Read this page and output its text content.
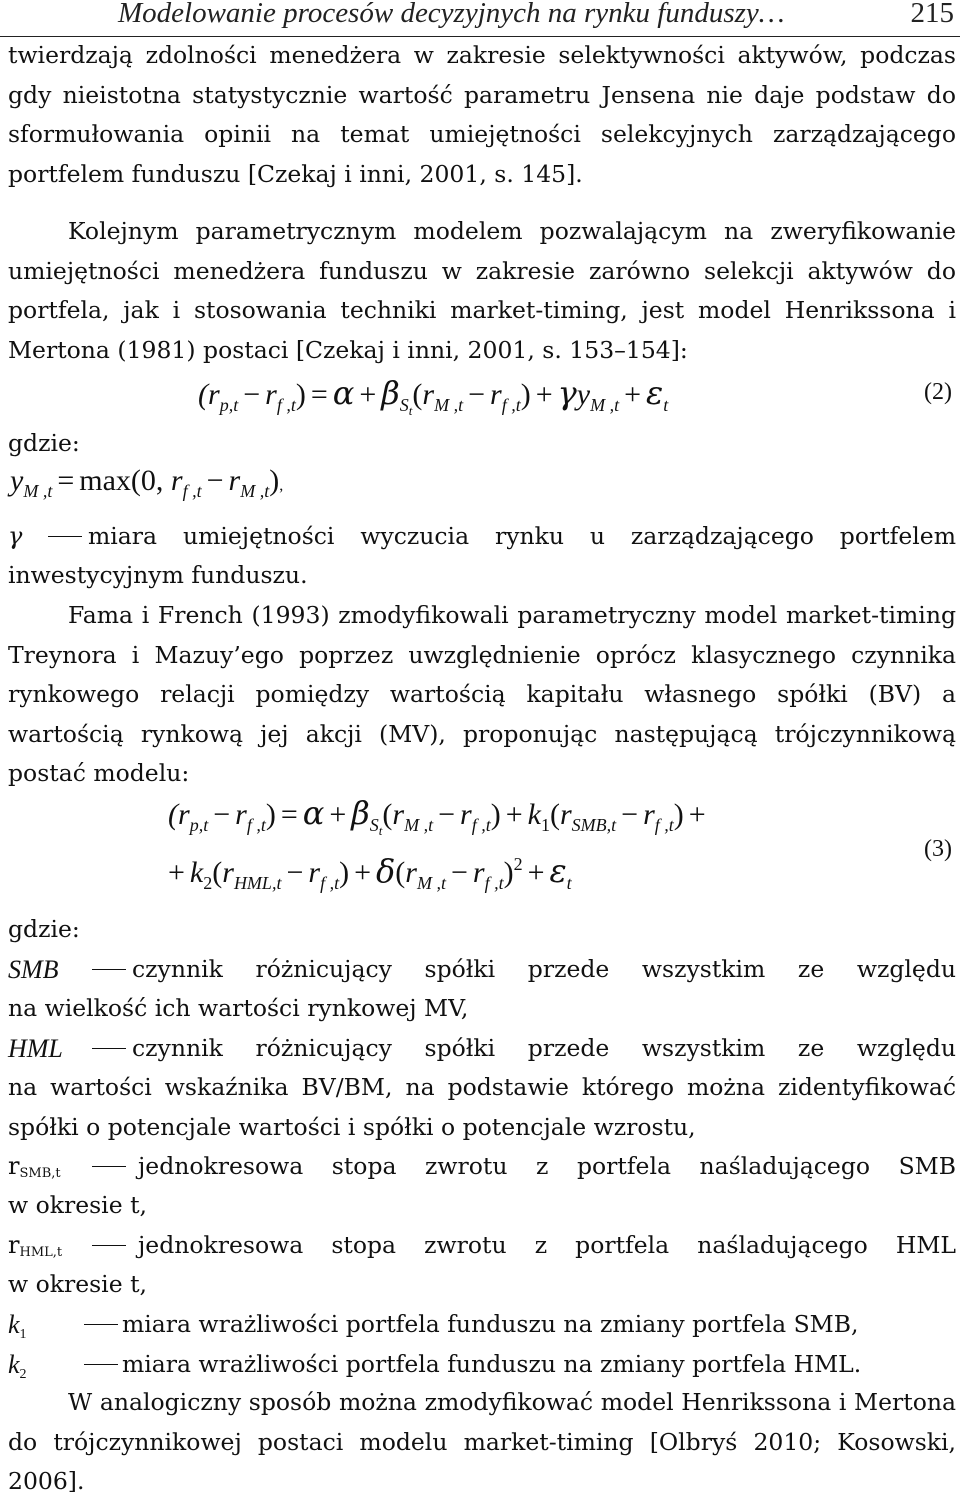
Modelowanie procesów decyzyjnych na rynku funduszy…	215

twierdzają zdolności menedżera w zakresie selektywności aktywów, podczas gdy nieistotna statystycznie wartość parametru Jensena nie daje podstaw do sformułowania opinii na temat umiejętności selekcyjnych zarządzającego portfelem funduszu [Czekaj i inni, 2001, s. 145].

Kolejnym parametrycznym modelem pozwalającym na zweryfikowanie umiejętności menedżera funduszu w zakresie zarówno selekcji aktywów do portfela, jak i stosowania techniki market-timing, jest model Henrikssona i Mertona (1981) postaci [Czekaj i inni, 2001, s. 153–154]:

$(r_{p,t} - r_{f ,t}) = \alpha + \beta_{S_t}(r_{M ,t} - r_{f ,t}) + \gamma y_{M ,t} + \varepsilon_t$	(2)
gdzie:
$y_{M ,t} = \max(0$, $r_{f ,t} - r_{M ,t}$),
γ	miara umiejętności wyczucia rynku u zarządzającego portfelem
inwestycyjnym funduszu.

Fama i French (1993) zmodyfikowali parametryczny model market-timing Treynora i Mazuy’ego poprzez uwzględnienie oprócz klasycznego czynnika rynkowego relacji pomiędzy wartością kapitału własnego spółki (BV) a wartością rynkową jej akcji (MV), proponując następującą trójczynnikową postać modelu:

$(r_{p,t} - r_{f ,t}) = \alpha + \beta_{S_t}(r_{M ,t} - r_{f ,t}) + k_1(r_{SMB,t} - r_{f ,t})$ +
+ $k_2(r_{HML,t} - r_{f ,t}) + \delta(r_{M ,t} - r_{f ,t})^2 + \varepsilon_t$
(3)
gdzie:
SMB	czynnik różnicujący spółki przede wszystkim ze względu
na wielkość ich wartości rynkowej MV,
HML	czynnik różnicujący spółki przede wszystkim ze względu
na wartości wskaźnika BV/BM, na podstawie którego można zidentyfikować spółki o potencjale wartości i spółki o potencjale wzrostu,
$r_{SMB,t}$	jednokresowa stopa zwrotu z portfela naśladującego SMB
w okresie t,
$r_{HML,t}$	jednokresowa stopa zwrotu z portfela naśladującego HML
w okresie t,
$k_1$	miara wrażliwości portfela funduszu na zmiany portfela SMB,
$k_2$	miara wrażliwości portfela funduszu na zmiany portfela HML.

W analogiczny sposób można zmodyfikować model Henrikssona i Mertona do trójczynnikowej postaci modelu market-timing [Olbryś 2010; Kosowski, 2006].
